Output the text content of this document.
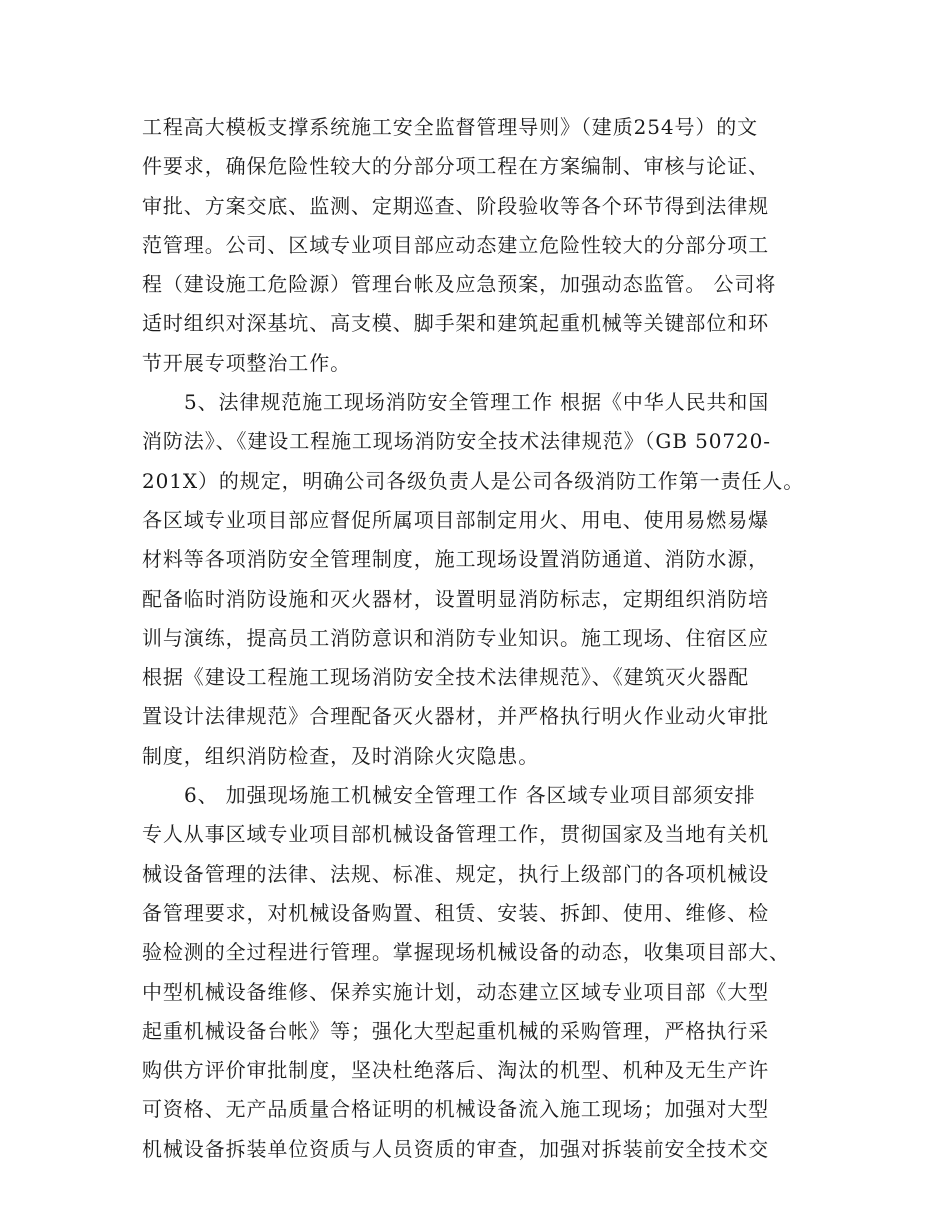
工程高大模板支撑系统施工安全监督管理导则》（建质254号）的文
件要求，确保危险性较大的分部分项工程在方案编制、审核与论证、
审批、方案交底、监测、定期巡查、阶段验收等各个环节得到法律规
范管理。公司、区域专业项目部应动态建立危险性较大的分部分项工
程（建设施工危险源）管理台帐及应急预案，加强动态监管。 公司将
适时组织对深基坑、高支模、脚手架和建筑起重机械等关键部位和环
节开展专项整治工作。
5、法律规范施工现场消防安全管理工作 根据《中华人民共和国
消防法》、《建设工程施工现场消防安全技术法律规范》（GB 50720-
201X）的规定，明确公司各级负责人是公司各级消防工作第一责任人。
各区域专业项目部应督促所属项目部制定用火、用电、使用易燃易爆
材料等各项消防安全管理制度，施工现场设置消防通道、消防水源，
配备临时消防设施和灭火器材，设置明显消防标志，定期组织消防培
训与演练，提高员工消防意识和消防专业知识。施工现场、住宿区应
根据《建设工程施工现场消防安全技术法律规范》、《建筑灭火器配
置设计法律规范》合理配备灭火器材，并严格执行明火作业动火审批
制度，组织消防检查，及时消除火灾隐患。
6、 加强现场施工机械安全管理工作 各区域专业项目部须安排
专人从事区域专业项目部机械设备管理工作，贯彻国家及当地有关机
械设备管理的法律、法规、标准、规定，执行上级部门的各项机械设
备管理要求，对机械设备购置、租赁、安装、拆卸、使用、维修、检
验检测的全过程进行管理。掌握现场机械设备的动态，收集项目部大、
中型机械设备维修、保养实施计划，动态建立区域专业项目部《大型
起重机械设备台帐》等；强化大型起重机械的采购管理，严格执行采
购供方评价审批制度，坚决杜绝落后、淘汰的机型、机种及无生产许
可资格、无产品质量合格证明的机械设备流入施工现场；加强对大型
机械设备拆装单位资质与人员资质的审查，加强对拆装前安全技术交
